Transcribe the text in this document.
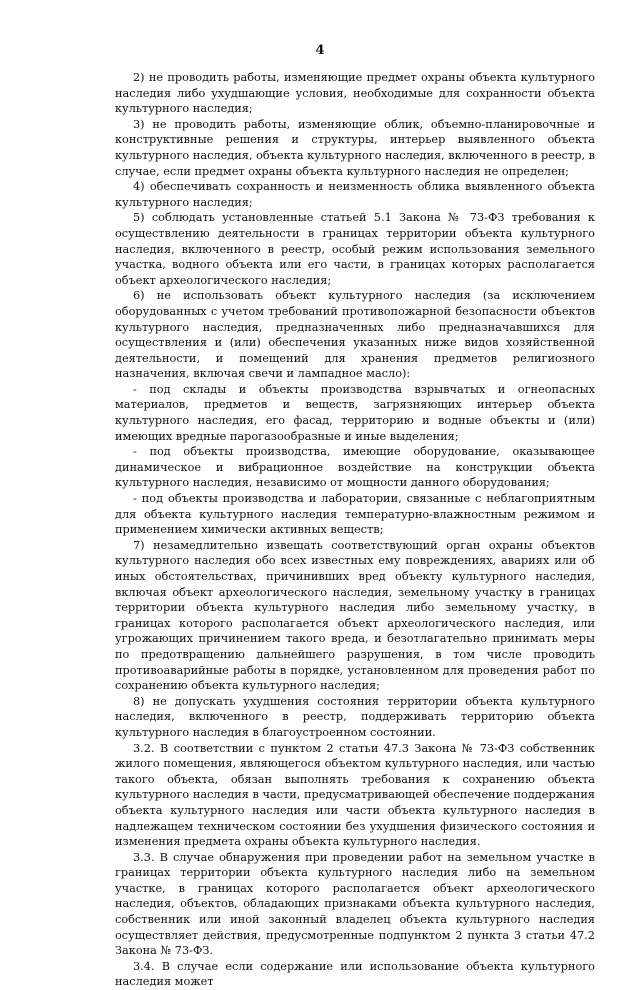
4

2) не проводить работы, изменяющие предмет охраны объекта культурного наследия либо ухудшающие условия, необходимые для сохранности объекта культурного наследия;

3) не проводить работы, изменяющие облик, объемно-планировочные и конструктивные решения и структуры, интерьер выявленного объекта культурного наследия, объекта культурного наследия, включенного в реестр, в случае, если предмет охраны объекта культурного наследия не определен;

4) обеспечивать сохранность и неизменность облика выявленного объекта культурного наследия;

5) соблюдать установленные статьей 5.1 Закона № 73-ФЗ требования к осуществлению деятельности в границах территории объекта культурного наследия, включенного в реестр, особый режим использования земельного участка, водного объекта или его части, в границах которых располагается объект археологического наследия;

6) не использовать объект культурного наследия (за исключением оборудованных с учетом требований противопожарной безопасности объектов культурного наследия, предназначенных либо предназначавшихся для осуществления и (или) обеспечения указанных ниже видов хозяйственной деятельности, и помещений для хранения предметов религиозного назначения, включая свечи и лампадное масло):

- под склады и объекты производства взрывчатых и огнеопасных материалов, предметов и веществ, загрязняющих интерьер объекта культурного наследия, его фасад, территорию и водные объекты и (или) имеющих вредные парогазообразные и иные выделения;

- под объекты производства, имеющие оборудование, оказывающее динамическое и вибрационное воздействие на конструкции объекта культурного наследия, независимо от мощности данного оборудования;

- под объекты производства и лаборатории, связанные с неблагоприятным для объекта культурного наследия температурно-влажностным режимом и применением химически активных веществ;

7) незамедлительно извещать соответствующий орган охраны объектов культурного наследия обо всех известных ему повреждениях, авариях или об иных обстоятельствах, причинивших вред объекту культурного наследия, включая объект археологического наследия, земельному участку в границах территории объекта культурного наследия либо земельному участку, в границах которого располагается объект археологического наследия, или угрожающих причинением такого вреда, и безотлагательно принимать меры по предотвращению дальнейшего разрушения, в том числе проводить противоаварийные работы в порядке, установленном для проведения работ по сохранению объекта культурного наследия;

8) не допускать ухудшения состояния территории объекта культурного наследия, включенного в реестр, поддерживать территорию объекта культурного наследия в благоустроенном состоянии.

3.2. В соответствии с пунктом 2 статьи 47.3 Закона № 73-ФЗ собственник жилого помещения, являющегося объектом культурного наследия, или частью такого объекта, обязан выполнять требования к сохранению объекта культурного наследия в части, предусматривающей обеспечение поддержания объекта культурного наследия или части объекта культурного наследия в надлежащем техническом состоянии без ухудшения физического состояния и изменения предмета охраны объекта культурного наследия.

3.3. В случае обнаружения при проведении работ на земельном участке в границах территории объекта культурного наследия либо на земельном участке, в границах которого располагается объект археологического наследия, объектов, обладающих признаками объекта культурного наследия, собственник или иной законный владелец объекта культурного наследия осуществляет действия, предусмотренные подпунктом 2 пункта 3 статьи 47.2 Закона № 73-ФЗ.

3.4. В случае если содержание или использование объекта культурного наследия может
